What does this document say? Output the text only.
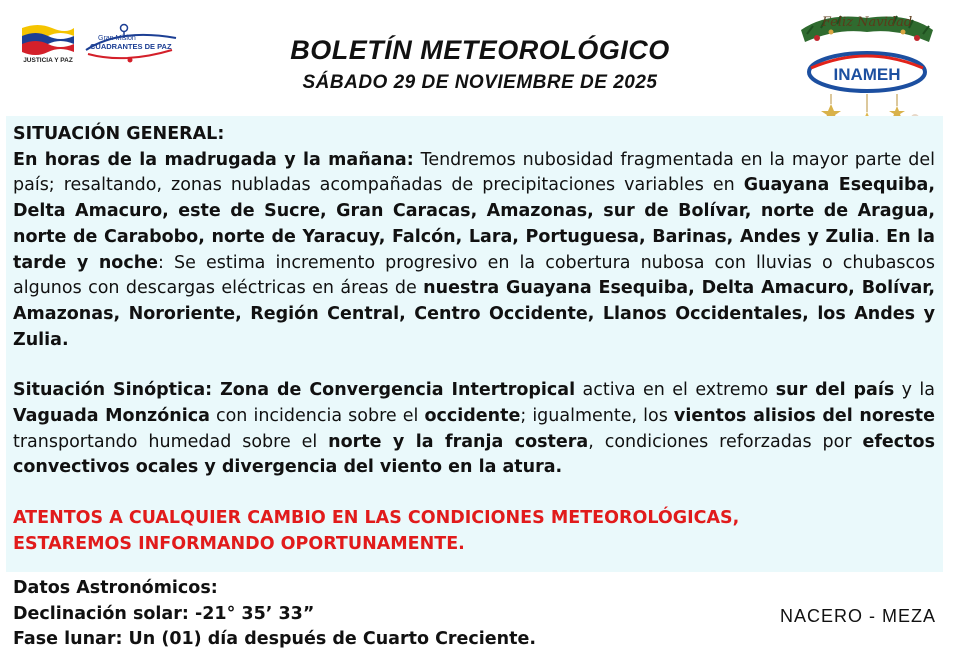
JUSTICIA Y PAZ
Gran Misión
CUADRANTES DE PAZ	BOLETÍN METEOROLÓGICO
SÁBADO 29 DE NOVIEMBRE DE 2025
Feliz Navidad
INAMEH
SITUACIÓN GENERAL:

En horas de la madrugada y la mañana: Tendremos nubosidad fragmentada en la mayor parte del país; resaltando, zonas nubladas acompañadas de precipitaciones variables en Guayana Esequiba, Delta Amacuro, este de Sucre, Gran Caracas, Amazonas, sur de Bolívar, norte de Aragua, norte de Carabobo, norte de Yaracuy, Falcón, Lara, Portuguesa, Barinas, Andes y Zulia. En la tarde y noche: Se estima incremento progresivo en la cobertura nubosa con lluvias o chubascos algunos con descargas eléctricas en áreas de nuestra Guayana Esequiba, Delta Amacuro, Bolívar, Amazonas, Nororiente, Región Central, Centro Occidente, Llanos Occidentales, los Andes y Zulia.

Situación Sinóptica: Zona de Convergencia Intertropical activa en el extremo sur del país y la Vaguada Monzónica con incidencia sobre el occidente; igualmente, los vientos alisios del noreste transportando humedad sobre el norte y la franja costera, condiciones reforzadas por efectos convectivos ocales y divergencia del viento en la atura.

ATENTOS A CUALQUIER CAMBIO EN LAS CONDICIONES METEOROLÓGICAS,

ESTAREMOS INFORMANDO OPORTUNAMENTE.

Datos Astronómicos:
Declinación solar: -21° 35’ 33”
Fase lunar: Un (01) día después de Cuarto Creciente.
NACERO - MEZA
